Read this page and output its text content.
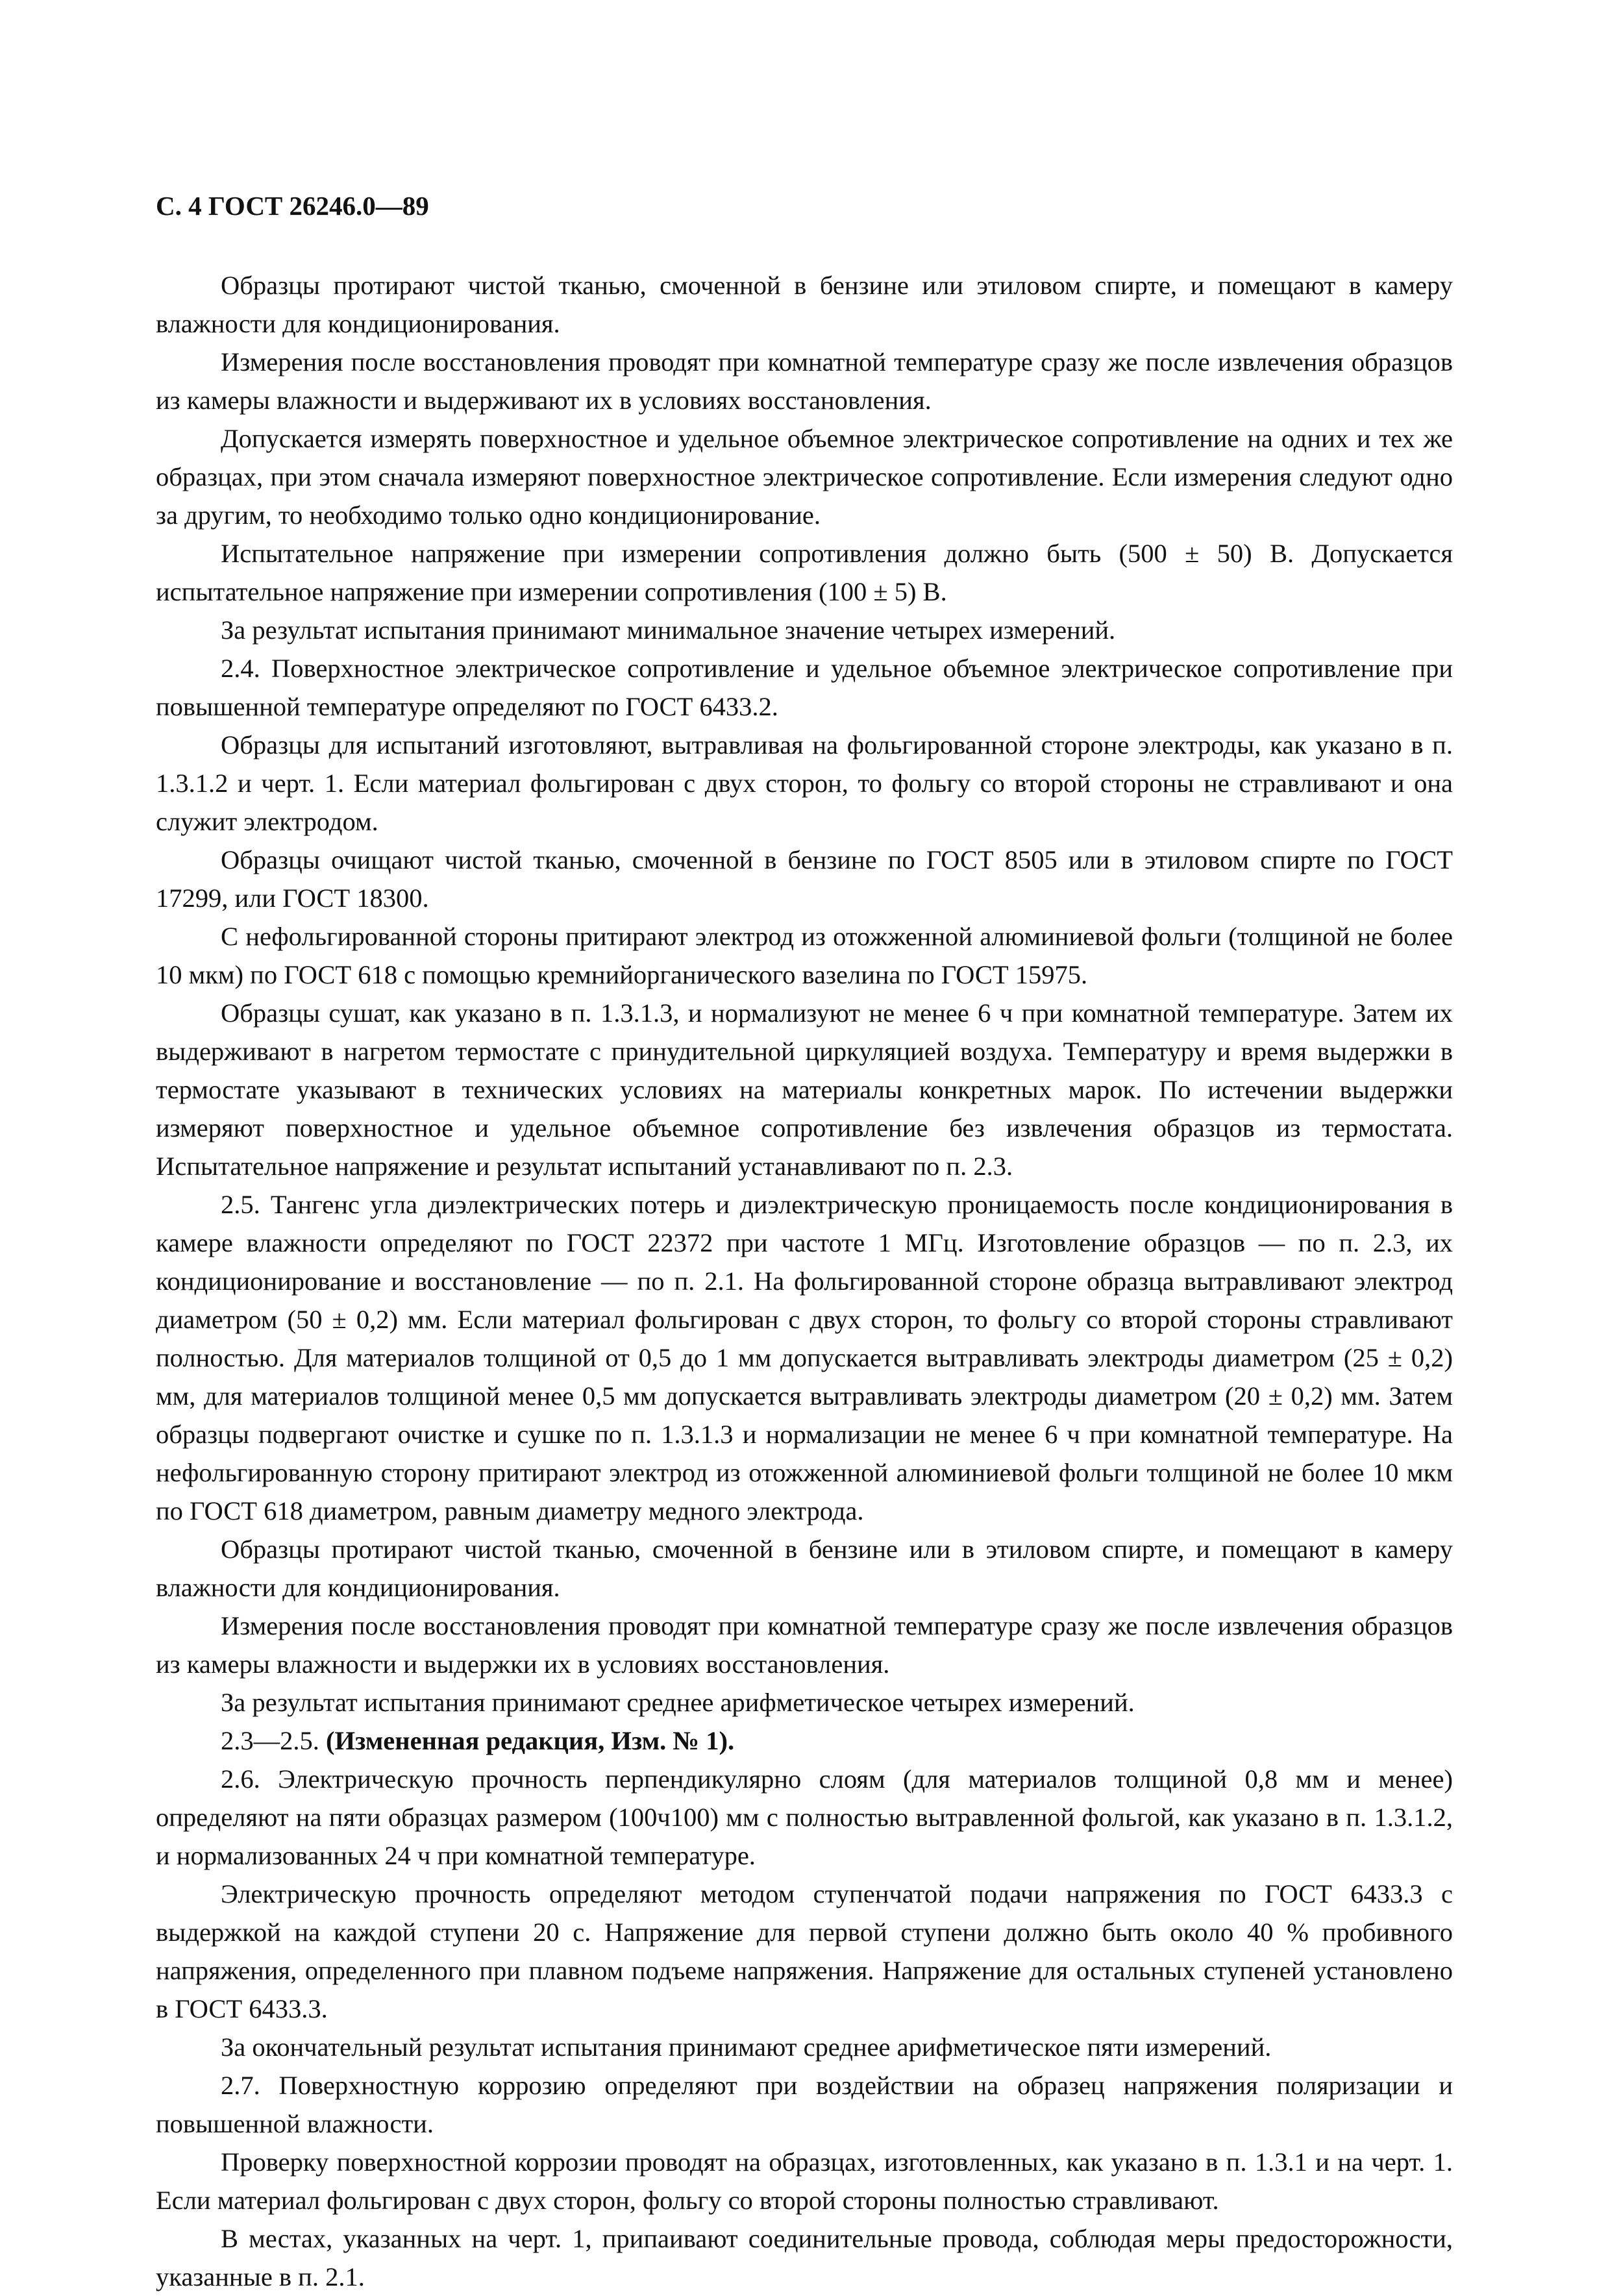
С. 4 ГОСТ 26246.0—89

Образцы протирают чистой тканью, смоченной в бензине или этиловом спирте, и помещают в камеру влажности для кондиционирования.

Измерения после восстановления проводят при комнатной температуре сразу же после извлечения образцов из камеры влажности и выдерживают их в условиях восстановления.

Допускается измерять поверхностное и удельное объемное электрическое сопротивление на одних и тех же образцах, при этом сначала измеряют поверхностное электрическое сопротивление. Если измерения следуют одно за другим, то необходимо только одно кондиционирование.

Испытательное напряжение при измерении сопротивления должно быть (500 ± 50) В. Допускается испытательное напряжение при измерении сопротивления (100 ± 5) В.

За результат испытания принимают минимальное значение четырех измерений.

2.4. Поверхностное электрическое сопротивление и удельное объемное электрическое сопротивление при повышенной температуре определяют по ГОСТ 6433.2.

Образцы для испытаний изготовляют, вытравливая на фольгированной стороне электроды, как указано в п. 1.3.1.2 и черт. 1. Если материал фольгирован с двух сторон, то фольгу со второй стороны не стравливают и она служит электродом.

Образцы очищают чистой тканью, смоченной в бензине по ГОСТ 8505 или в этиловом спирте по ГОСТ 17299, или ГОСТ 18300.

С нефольгированной стороны притирают электрод из отожженной алюминиевой фольги (толщиной не более 10 мкм) по ГОСТ 618 с помощью кремнийорганического вазелина по ГОСТ 15975.

Образцы сушат, как указано в п. 1.3.1.3, и нормализуют не менее 6 ч при комнатной температуре. Затем их выдерживают в нагретом термостате с принудительной циркуляцией воздуха. Температуру и время выдержки в термостате указывают в технических условиях на материалы конкретных марок. По истечении выдержки измеряют поверхностное и удельное объемное сопротивление без извлечения образцов из термостата. Испытательное напряжение и результат испытаний устанавливают по п. 2.3.

2.5. Тангенс угла диэлектрических потерь и диэлектрическую проницаемость после кондиционирования в камере влажности определяют по ГОСТ 22372 при частоте 1 МГц. Изготовление образцов — по п. 2.3, их кондиционирование и восстановление — по п. 2.1. На фольгированной стороне образца вытравливают электрод диаметром (50 ± 0,2) мм. Если материал фольгирован с двух сторон, то фольгу со второй стороны стравливают полностью. Для материалов толщиной от 0,5 до 1 мм допускается вытравливать электроды диаметром (25 ± 0,2) мм, для материалов толщиной менее 0,5 мм допускается вытравливать электроды диаметром (20 ± 0,2) мм. Затем образцы подвергают очистке и сушке по п. 1.3.1.3 и нормализации не менее 6 ч при комнатной температуре. На нефольгированную сторону притирают электрод из отожженной алюминиевой фольги толщиной не более 10 мкм по ГОСТ 618 диаметром, равным диаметру медного электрода.

Образцы протирают чистой тканью, смоченной в бензине или в этиловом спирте, и помещают в камеру влажности для кондиционирования.

Измерения после восстановления проводят при комнатной температуре сразу же после извлечения образцов из камеры влажности и выдержки их в условиях восстановления.

За результат испытания принимают среднее арифметическое четырех измерений.

2.3—2.5. (Измененная редакция, Изм. № 1).

2.6. Электрическую прочность перпендикулярно слоям (для материалов толщиной 0,8 мм и менее) определяют на пяти образцах размером (100ч100) мм с полностью вытравленной фольгой, как указано в п. 1.3.1.2, и нормализованных 24 ч при комнатной температуре.

Электрическую прочность определяют методом ступенчатой подачи напряжения по ГОСТ 6433.3 с выдержкой на каждой ступени 20 с. Напряжение для первой ступени должно быть около 40 % пробивного напряжения, определенного при плавном подъеме напряжения. Напряжение для остальных ступеней установлено в ГОСТ 6433.3.

За окончательный результат испытания принимают среднее арифметическое пяти измерений.

2.7. Поверхностную коррозию определяют при воздействии на образец напряжения поляризации и повышенной влажности.

Проверку поверхностной коррозии проводят на образцах, изготовленных, как указано в п. 1.3.1 и на черт. 1. Если материал фольгирован с двух сторон, фольгу со второй стороны полностью стравливают.

В местах, указанных на черт. 1, припаивают соединительные провода, соблюдая меры предосторожности, указанные в п. 2.1.
